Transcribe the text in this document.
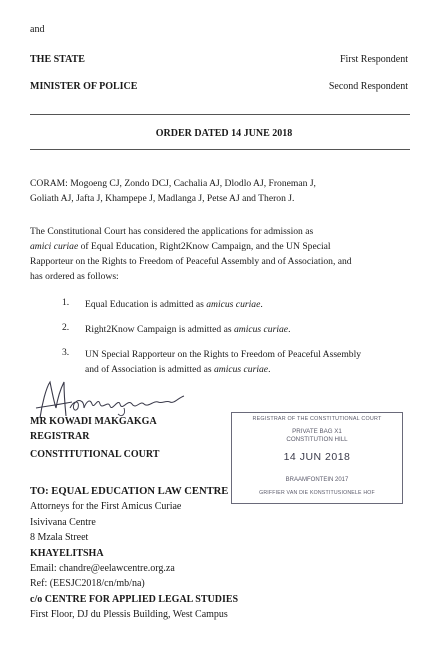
and
THE STATE	First Respondent
MINISTER OF POLICE	Second Respondent
ORDER DATED 14 JUNE 2018
CORAM: Mogoeng CJ, Zondo DCJ, Cachalia AJ, Dlodlo AJ, Froneman J,
Goliath AJ, Jafta J, Khampepe J, Madlanga J, Petse AJ and Theron J.
The Constitutional Court has considered the applications for admission as
amici curiae of Equal Education, Right2Know Campaign, and the UN Special
Rapporteur on the Rights to Freedom of Peaceful Assembly and of Association, and
has ordered as follows:
1. Equal Education is admitted as amicus curiae.
2. Right2Know Campaign is admitted as amicus curiae.
3. UN Special Rapporteur on the Rights to Freedom of Peaceful Assembly
and of Association is admitted as amicus curiae.
MR KOWADI MAKGAKGA
REGISTRAR
CONSTITUTIONAL COURT
REGISTRAR OF THE CONSTITUTIONAL COURT
PRIVATE BAG X1
CONSTITUTION HILL
14 JUN 2018
BRAAMFONTEIN 2017
GRIFFIER VAN DIE KONSTITUSIONELE HOF
TO: EQUAL EDUCATION LAW CENTRE
Attorneys for the First Amicus Curiae
Isivivana Centre
8 Mzala Street
KHAYELITSHA
Email: chandre@eelawcentre.org.za
Ref: (EESJC2018/cn/mb/na)
c/o CENTRE FOR APPLIED LEGAL STUDIES
First Floor, DJ du Plessis Building, West Campus
